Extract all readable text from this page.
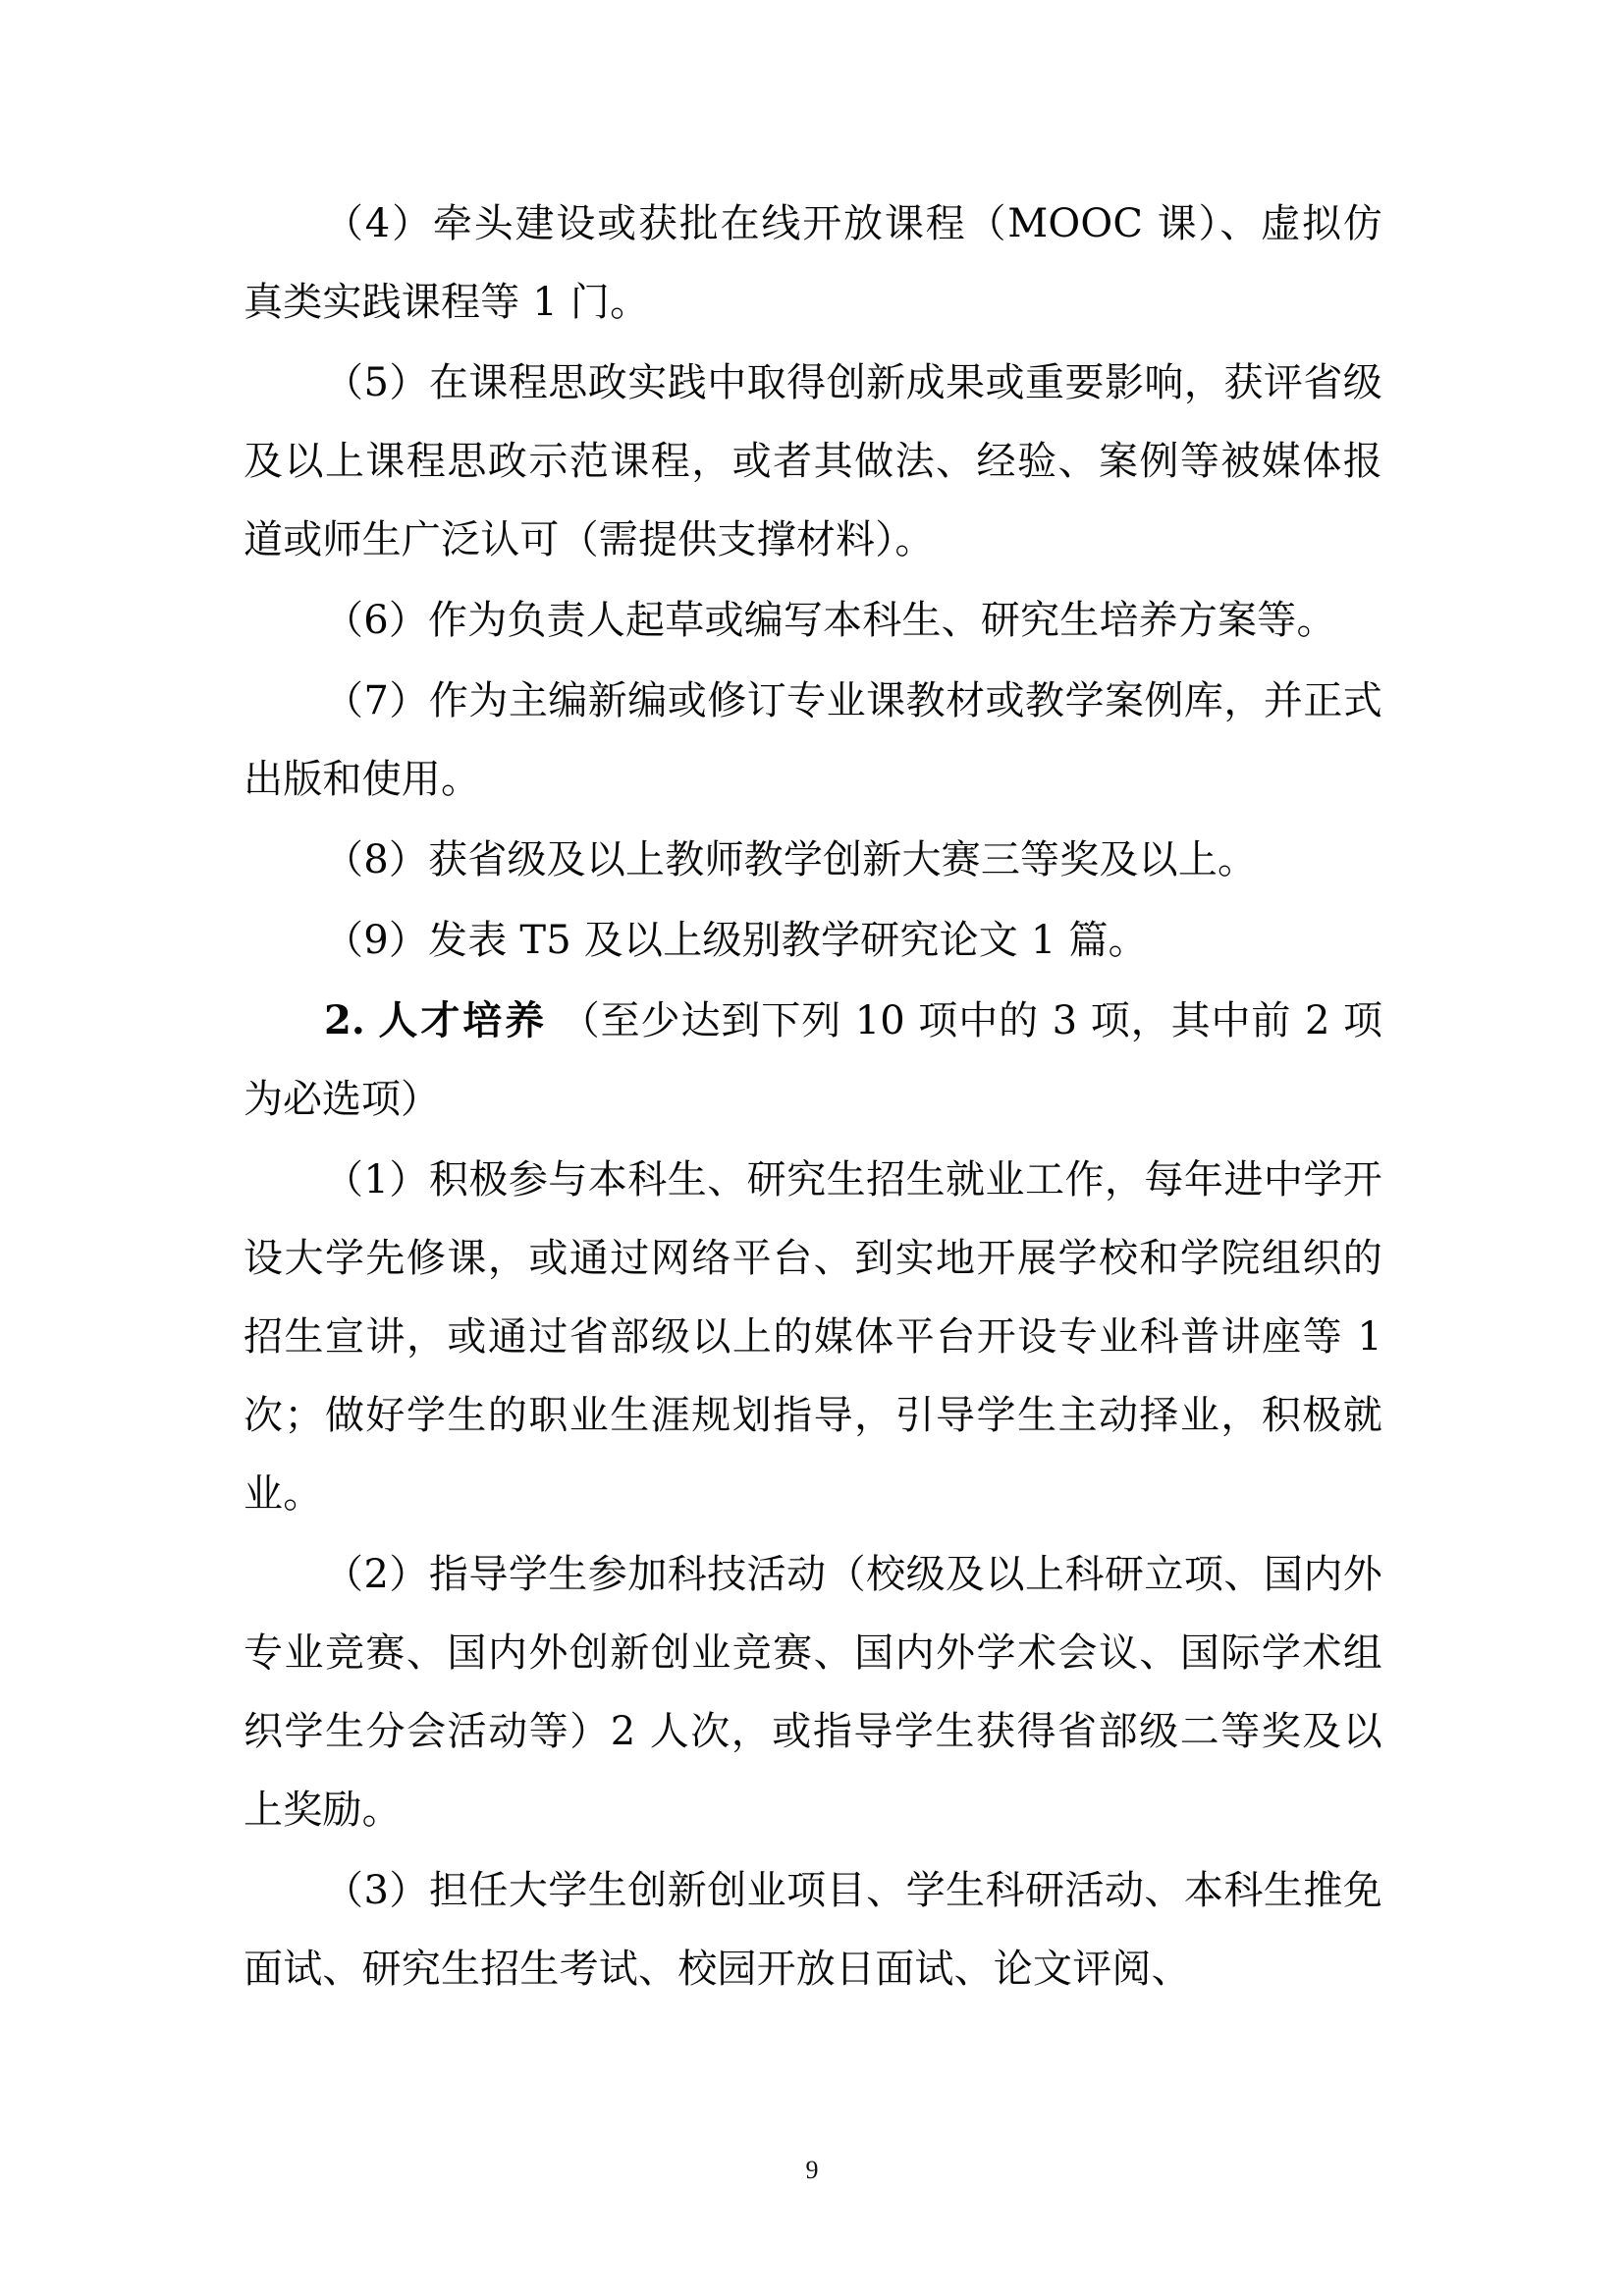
（4）牵头建设或获批在线开放课程（MOOC 课）、虚拟仿真类实践课程等 1 门。

（5）在课程思政实践中取得创新成果或重要影响，获评省级及以上课程思政示范课程，或者其做法、经验、案例等被媒体报道或师生广泛认可（需提供支撑材料）。

（6）作为负责人起草或编写本科生、研究生培养方案等。

（7）作为主编新编或修订专业课教材或教学案例库，并正式出版和使用。

（8）获省级及以上教师教学创新大赛三等奖及以上。

（9）发表 T5 及以上级别教学研究论文 1 篇。

2. 人才培养 （至少达到下列 10 项中的 3 项，其中前 2 项为必选项）

（1）积极参与本科生、研究生招生就业工作，每年进中学开设大学先修课，或通过网络平台、到实地开展学校和学院组织的招生宣讲，或通过省部级以上的媒体平台开设专业科普讲座等 1 次；做好学生的职业生涯规划指导，引导学生主动择业，积极就业。

（2）指导学生参加科技活动（校级及以上科研立项、国内外专业竞赛、国内外创新创业竞赛、国内外学术会议、国际学术组织学生分会活动等）2 人次，或指导学生获得省部级二等奖及以上奖励。

（3）担任大学生创新创业项目、学生科研活动、本科生推免面试、研究生招生考试、校园开放日面试、论文评阅、

9
